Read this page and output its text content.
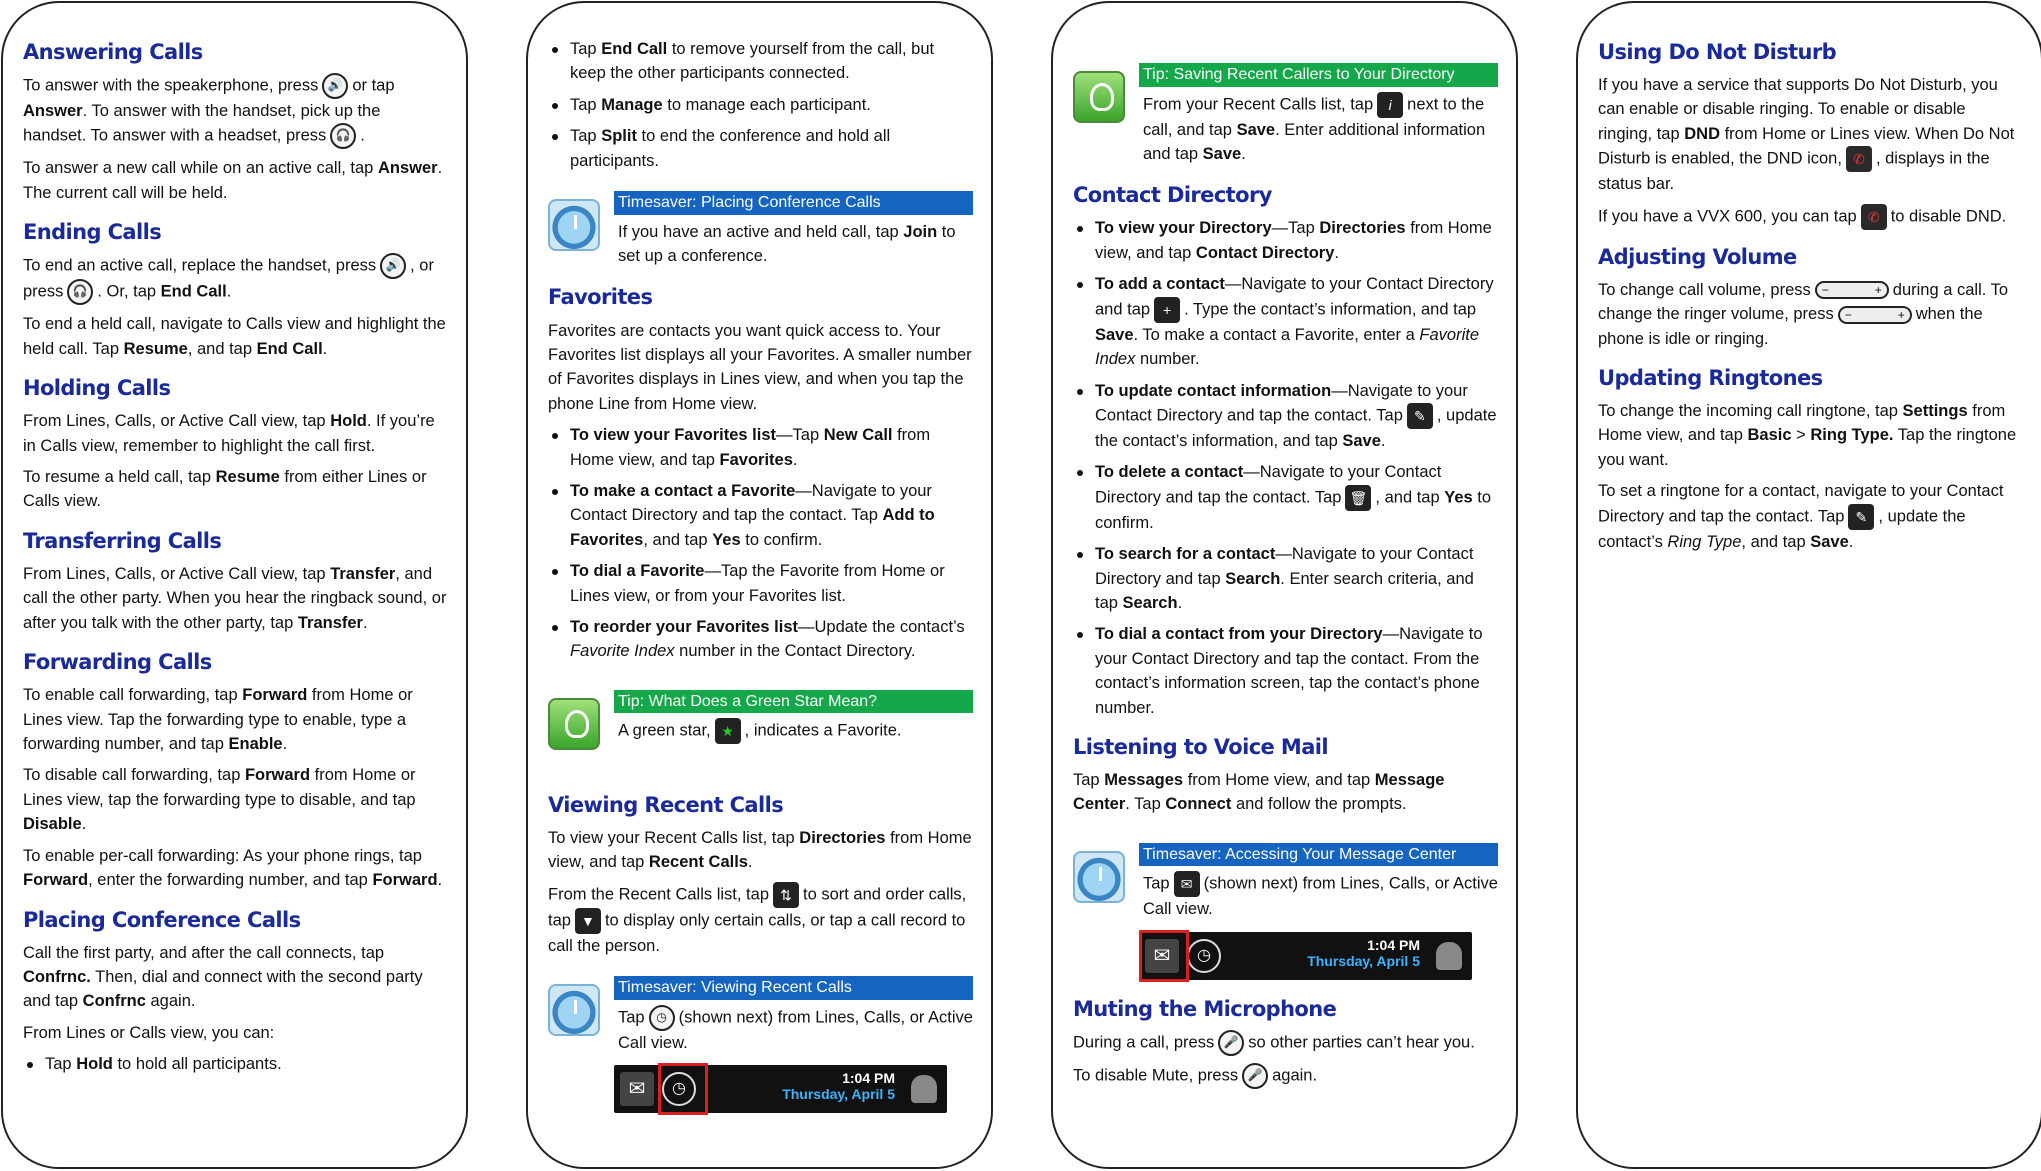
Answering Calls

To answer with the speakerphone, press 🔊 or tap Answer. To answer with the handset, pick up the handset. To answer with a headset, press 🎧 .

To answer a new call while on an active call, tap Answer. The current call will be held.

Ending Calls

To end an active call, replace the handset, press 🔊 , or press 🎧 . Or, tap End Call.

To end a held call, navigate to Calls view and highlight the held call. Tap Resume, and tap End Call.

Holding Calls

From Lines, Calls, or Active Call view, tap Hold. If you’re in Calls view, remember to highlight the call first.

To resume a held call, tap Resume from either Lines or Calls view.

Transferring Calls

From Lines, Calls, or Active Call view, tap Transfer, and call the other party. When you hear the ringback sound, or after you talk with the other party, tap Transfer.

Forwarding Calls

To enable call forwarding, tap Forward from Home or Lines view. Tap the forwarding type to enable, type a forwarding number, and tap Enable.

To disable call forwarding, tap Forward from Home or Lines view, tap the forwarding type to disable, and tap Disable.

To enable per-call forwarding: As your phone rings, tap Forward, enter the forwarding number, and tap Forward.

Placing Conference Calls

Call the first party, and after the call connects, tap Confrnc. Then, dial and connect with the second party and tap Confrnc again.

From Lines or Calls view, you can:

Tap Hold to hold all participants.
Tap End Call to remove yourself from the call, but keep the other participants connected.
Tap Manage to manage each participant.
Tap Split to end the conference and hold all participants.
Timesaver: Placing Conference Calls
If you have an active and held call, tap Join to set up a conference.
Favorites

Favorites are contacts you want quick access to. Your Favorites list displays all your Favorites. A smaller number of Favorites displays in Lines view, and when you tap the phone Line from Home view.

To view your Favorites list—Tap New Call from Home view, and tap Favorites.
To make a contact a Favorite—Navigate to your Contact Directory and tap the contact. Tap Add to Favorites, and tap Yes to confirm.
To dial a Favorite—Tap the Favorite from Home or Lines view, or from your Favorites list.
To reorder your Favorites list—Update the contact’s Favorite Index number in the Contact Directory.
Tip: What Does a Green Star Mean?
A green star, ★ , indicates a Favorite.
Viewing Recent Calls

To view your Recent Calls list, tap Directories from Home view, and tap Recent Calls.

From the Recent Calls list, tap ⇅ to sort and order calls, tap ▼ to display only certain calls, or tap a call record to call the person.

Timesaver: Viewing Recent Calls
Tap ◷ (shown next) from Lines, Calls, or Active Call view.
✉	◷
1:04 PM
Thursday, April 5
Tip: Saving Recent Callers to Your Directory
From your Recent Calls list, tap i next to the call, and tap Save. Enter additional information and tap Save.
Contact Directory
To view your Directory—Tap Directories from Home view, and tap Contact Directory.
To add a contact—Navigate to your Contact Directory and tap + . Type the contact’s information, and tap Save. To make a contact a Favorite, enter a Favorite Index number.
To update contact information—Navigate to your Contact Directory and tap the contact. Tap ✎ , update the contact’s information, and tap Save.
To delete a contact—Navigate to your Contact Directory and tap the contact. Tap 🗑 , and tap Yes to confirm.
To search for a contact—Navigate to your Contact Directory and tap Search. Enter search criteria, and tap Search.
To dial a contact from your Directory—Navigate to your Contact Directory and tap the contact. From the contact’s information screen, tap the contact’s phone number.
Listening to Voice Mail

Tap Messages from Home view, and tap Message Center. Tap Connect and follow the prompts.

Timesaver: Accessing Your Message Center
Tap ✉ (shown next) from Lines, Calls, or Active Call view.
✉	◷
1:04 PM
Thursday, April 5
Muting the Microphone

During a call, press 🎤 so other parties can’t hear you.

To disable Mute, press 🎤 again.

Using Do Not Disturb

If you have a service that supports Do Not Disturb, you can enable or disable ringing. To enable or disable ringing, tap DND from Home or Lines view. When Do Not Disturb is enabled, the DND icon, ✆ , displays in the status bar.

If you have a VVX 600, you can tap ✆ to disable DND.

Adjusting Volume

To change call volume, press −	+ during a call. To change the ringer volume, press −	+ when the phone is idle or ringing.

Updating Ringtones

To change the incoming call ringtone, tap Settings from Home view, and tap Basic > Ring Type. Tap the ringtone you want.

To set a ringtone for a contact, navigate to your Contact Directory and tap the contact. Tap ✎ , update the contact’s Ring Type, and tap Save.
